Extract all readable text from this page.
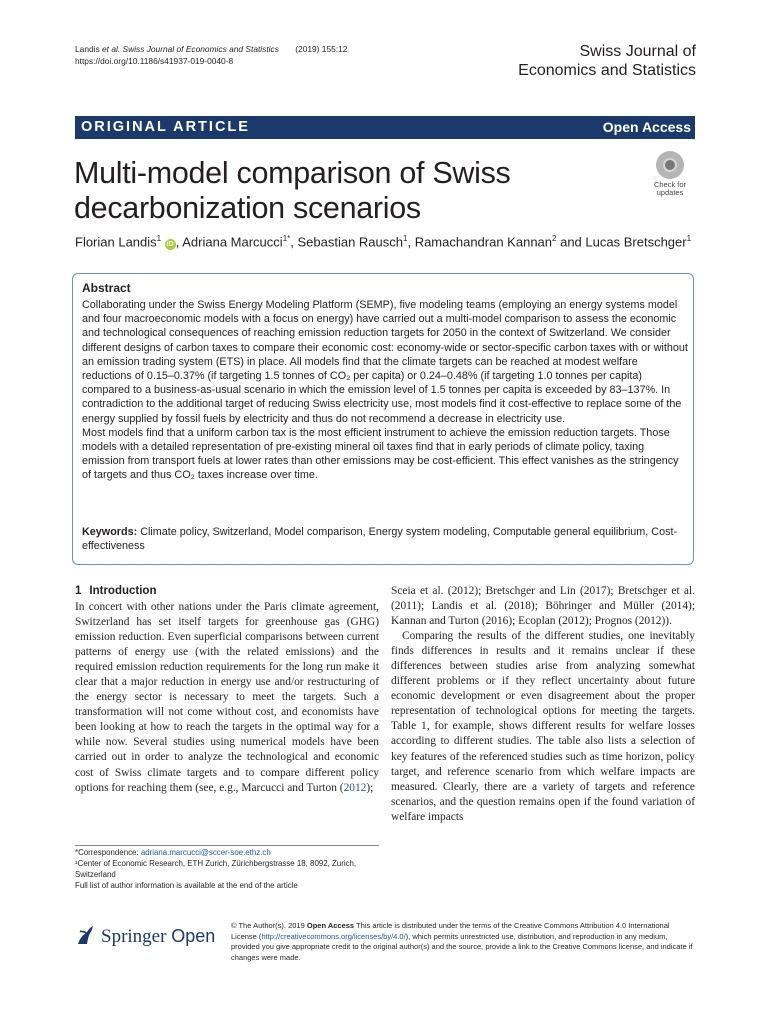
Landis et al. Swiss Journal of Economics and Statistics (2019) 155:12
https://doi.org/10.1186/s41937-019-0040-8
Swiss Journal of
Economics and Statistics
ORIGINAL ARTICLE	Open Access
Multi-model comparison of Swiss decarbonization scenarios
Check for
updates
Florian Landis$^1$ iD , Adriana Marcucci$^{1*}$, Sebastian Rausch$^1$, Ramachandran Kannan$^2$ and Lucas Bretschger$^1$
Abstract

Collaborating under the Swiss Energy Modeling Platform (SEMP), five modeling teams (employing an energy systems model and four macroeconomic models with a focus on energy) have carried out a multi-model comparison to assess the economic and technological consequences of reaching emission reduction targets for 2050 in the context of Switzerland. We consider different designs of carbon taxes to compare their economic cost: economy-wide or sector-specific carbon taxes with or without an emission trading system (ETS) in place. All models find that the climate targets can be reached at modest welfare reductions of 0.15–0.37% (if targeting 1.5 tonnes of CO₂ per capita) or 0.24–0.48% (if targeting 1.0 tonnes per capita) compared to a business-as-usual scenario in which the emission level of 1.5 tonnes per capita is exceeded by 83–137%. In contradiction to the additional target of reducing Swiss electricity use, most models find it cost-effective to replace some of the energy supplied by fossil fuels by electricity and thus do not recommend a decrease in electricity use.

Most models find that a uniform carbon tax is the most efficient instrument to achieve the emission reduction targets. Those models with a detailed representation of pre-existing mineral oil taxes find that in early periods of climate policy, taxing emission from transport fuels at lower rates than other emissions may be cost-efficient. This effect vanishes as the stringency of targets and thus CO₂ taxes increase over time.

Keywords: Climate policy, Switzerland, Model comparison, Energy system modeling, Computable general equilibrium, Cost-effectiveness
1 Introduction

In concert with other nations under the Paris climate agreement, Switzerland has set itself targets for greenhouse gas (GHG) emission reduction. Even superficial comparisons between current patterns of energy use (with the related emissions) and the required emission reduction requirements for the long run make it clear that a major reduction in energy use and/or restructuring of the energy sector is necessary to meet the targets. Such a transformation will not come without cost, and economists have been looking at how to reach the targets in the optimal way for a while now. Several studies using numerical models have been carried out in order to analyze the technological and economic cost of Swiss climate targets and to compare different policy options for reaching them (see, e.g., Marcucci and Turton (2012);

*Correspondence: adriana.marcucci@sccer-soe.ethz.ch
¹Center of Economic Research, ETH Zurich, Zürichbergstrasse 18, 8092, Zurich, Switzerland
Full list of author information is available at the end of the article

Sceia et al. (2012); Bretschger and Lin (2017); Bretschger et al. (2011); Landis et al. (2018); Böhringer and Müller (2014); Kannan and Turton (2016); Ecoplan (2012); Prognos (2012)).

Comparing the results of the different studies, one inevitably finds differences in results and it remains unclear if these differences between studies arise from analyzing somewhat different problems or if they reflect uncertainty about future economic development or even disagreement about the proper representation of technological options for meeting the targets. Table 1, for example, shows different results for welfare losses according to different studies. The table also lists a selection of key features of the referenced studies such as time horizon, policy target, and reference scenario from which welfare impacts are measured. Clearly, there are a variety of targets and reference scenarios, and the question remains open if the found variation of welfare impacts

Springer Open
© The Author(s). 2019 Open Access This article is distributed under the terms of the Creative Commons Attribution 4.0 International License (http://creativecommons.org/licenses/by/4.0/), which permits unrestricted use, distribution, and reproduction in any medium, provided you give appropriate credit to the original author(s) and the source, provide a link to the Creative Commons license, and indicate if changes were made.
